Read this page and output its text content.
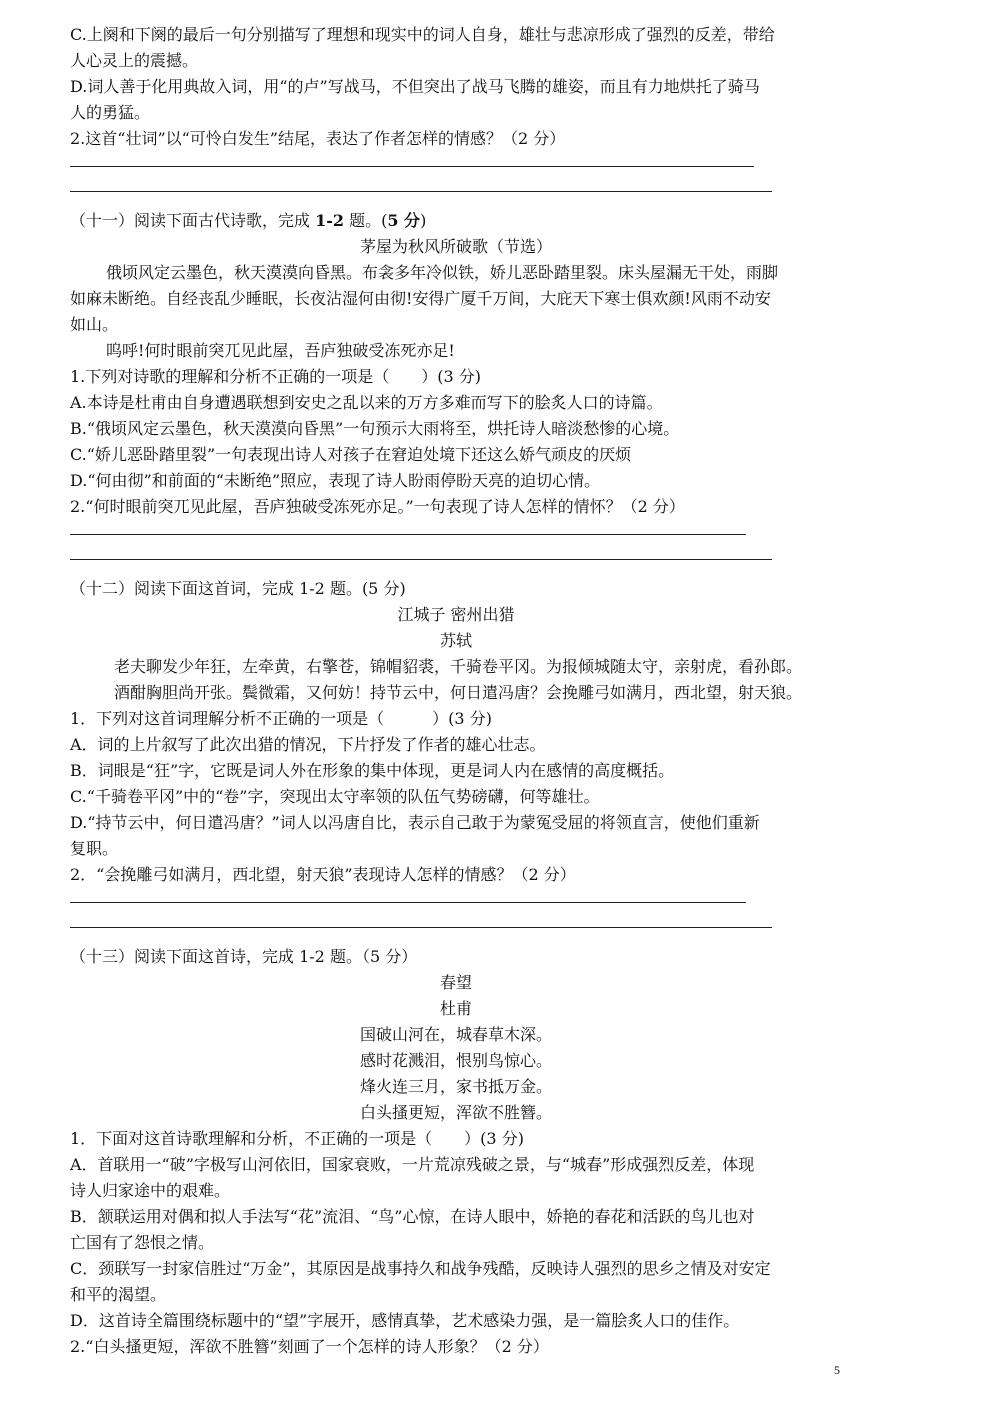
C.上阕和下阕的最后一句分别描写了理想和现实中的词人自身，雄壮与悲凉形成了强烈的反差，带给
人心灵上的震撼。
D.词人善于化用典故入词，用“的卢”写战马，不但突出了战马飞腾的雄姿，而且有力地烘托了骑马
人的勇猛。
2.这首“壮词”以“可怜白发生”结尾，表达了作者怎样的情感？（2 分）
（十一）阅读下面古代诗歌，完成 1-2 题。(5 分)
茅屋为秋风所破歌（节选）
俄顷风定云墨色，秋天漠漠向昏黑。布衾多年冷似铁，娇儿恶卧踏里裂。床头屋漏无干处，雨脚
如麻未断绝。自经丧乱少睡眠，长夜沾湿何由彻!安得广厦千万间，大庇天下寒士俱欢颜!风雨不动安
如山。
呜呼!何时眼前突兀见此屋，吾庐独破受冻死亦足!
1.下列对诗歌的理解和分析不正确的一项是（　　）(3 分)
A.本诗是杜甫由自身遭遇联想到安史之乱以来的万方多难而写下的脍炙人口的诗篇。
B.“俄顷风定云墨色，秋天漠漠向昏黑”一句预示大雨将至，烘托诗人暗淡愁惨的心境。
C.“娇儿恶卧踏里裂”一句表现出诗人对孩子在窘迫处境下还这么娇气顽皮的厌烦
D.“何由彻”和前面的“未断绝”照应，表现了诗人盼雨停盼天亮的迫切心情。
2.“何时眼前突兀见此屋，吾庐独破受冻死亦足。”一句表现了诗人怎样的情怀？（2 分）
（十二）阅读下面这首词，完成 1-2 题。(5 分)
江城子 密州出猎
苏轼
老夫聊发少年狂，左牵黄，右擎苍，锦帽貂裘，千骑卷平冈。为报倾城随太守，亲射虎，看孙郎。
酒酣胸胆尚开张。鬓微霜，又何妨！持节云中，何日遣冯唐？会挽雕弓如满月，西北望，射天狼。
1．下列对这首词理解分析不正确的一项是（　　　）(3 分)
A．词的上片叙写了此次出猎的情况，下片抒发了作者的雄心壮志。
B．词眼是“狂”字，它既是词人外在形象的集中体现，更是词人内在感情的高度概括。
C.“千骑卷平冈”中的“卷”字，突现出太守率领的队伍气势磅礴，何等雄壮。
D.“持节云中，何日遣冯唐？”词人以冯唐自比，表示自己敢于为蒙冤受屈的将领直言，使他们重新
复职。
2．“会挽雕弓如满月，西北望，射天狼”表现诗人怎样的情感？（2 分）
（十三）阅读下面这首诗，完成 1-2 题。（5 分）
春望
杜甫
国破山河在，城春草木深。
感时花溅泪，恨别鸟惊心。
烽火连三月，家书抵万金。
白头搔更短，浑欲不胜簪。
1．下面对这首诗歌理解和分析，不正确的一项是（　　）(3 分)
A．首联用一“破”字极写山河依旧，国家衰败，一片荒凉残破之景，与“城春”形成强烈反差，体现
诗人归家途中的艰难。
B．颔联运用对偶和拟人手法写“花”流泪、“鸟”心惊，在诗人眼中，娇艳的春花和活跃的鸟儿也对
亡国有了怨恨之情。
C．颈联写一封家信胜过“万金”，其原因是战事持久和战争残酷，反映诗人强烈的思乡之情及对安定
和平的渴望。
D．这首诗全篇围绕标题中的“望”字展开，感情真挚，艺术感染力强，是一篇脍炙人口的佳作。
2.“白头搔更短，浑欲不胜簪”刻画了一个怎样的诗人形象？（2 分）
5
